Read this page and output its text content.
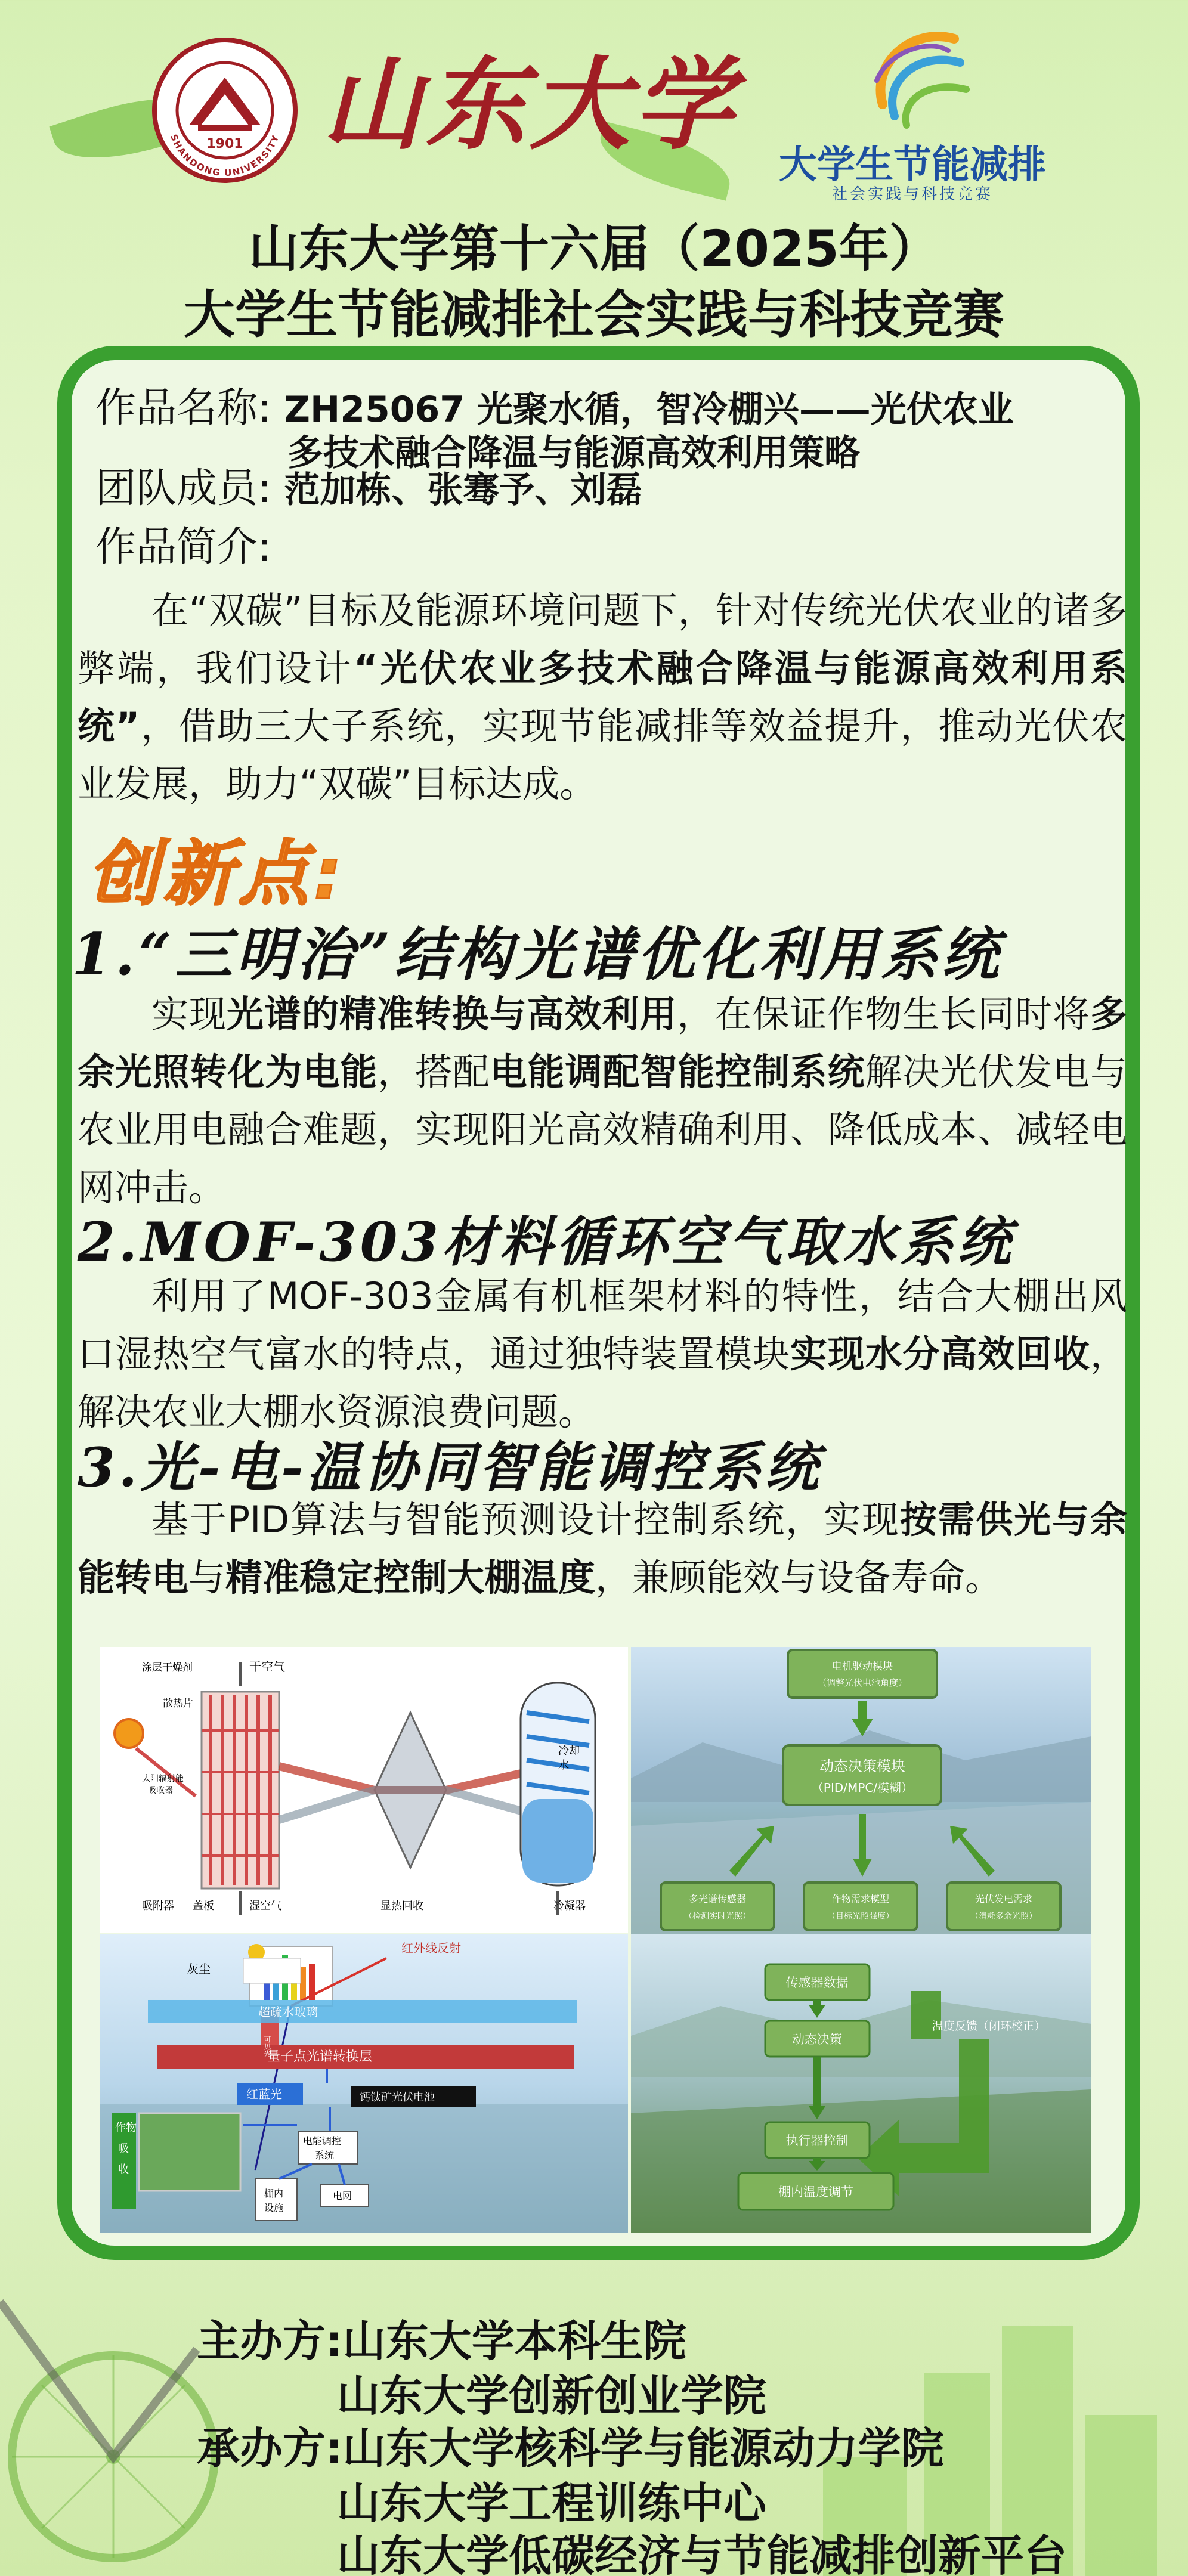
1901
SHANDONG UNIVERSITY 山东大学
大学生节能减排
社会实践与科技竞赛
山东大学第十六届（2025年）
大学生节能减排社会实践与科技竞赛
作品名称: ZH25067 光聚水循，智冷棚兴——光伏农业
多技术融合降温与能源高效利用策略
团队成员: 范加栋、张骞予、刘磊
作品简介:
在“双碳”目标及能源环境问题下，针对传统光伏农业的诸多弊端，我们设计“光伏农业多技术融合降温与能源高效利用系统”，借助三大子系统，实现节能减排等效益提升，推动光伏农业发展，助力“双碳”目标达成。
创新点:
1.“三明治”结构光谱优化利用系统
实现光谱的精准转换与高效利用，在保证作物生长同时将多余光照转化为电能，搭配电能调配智能控制系统解决光伏发电与农业用电融合难题，实现阳光高效精确利用、降低成本、减轻电网冲击。
2.MOF-303材料循环空气取水系统
利用了MOF-303金属有机框架材料的特性，结合大棚出风口湿热空气富水的特点，通过独特装置模块实现水分高效回收，解决农业大棚水资源浪费问题。
3.光-电-温协同智能调控系统
基于PID算法与智能预测设计控制系统，实现按需供光与余能转电与精准稳定控制大棚温度，兼顾能效与设备寿命。
涂层干燥剂	干空气
散热片
太阳辐射能
吸收器
吸附器 盖板	湿空气	显热回收
冷却
水
冷凝器
电机驱动模块
（调整光伏电池角度）
动态决策模块
（PID/MPC/模糊）
多光谱传感器
（检测实时光照）
作物需求模型
（目标光照强度）
光伏发电需求
（消耗多余光照）
灰尘
红外线反射
超疏水玻璃
可见光
量子点光谱转换层
红蓝光	钙钛矿光伏电池
作物
吸
收
电能调控
系统
棚内
设施
电网
传感器数据
动态决策
执行器控制
棚内温度调节
温度反馈（闭环校正）
主办方:山东大学本科生院
山东大学创新创业学院
承办方:山东大学核科学与能源动力学院
山东大学工程训练中心
山东大学低碳经济与节能减排创新平台
